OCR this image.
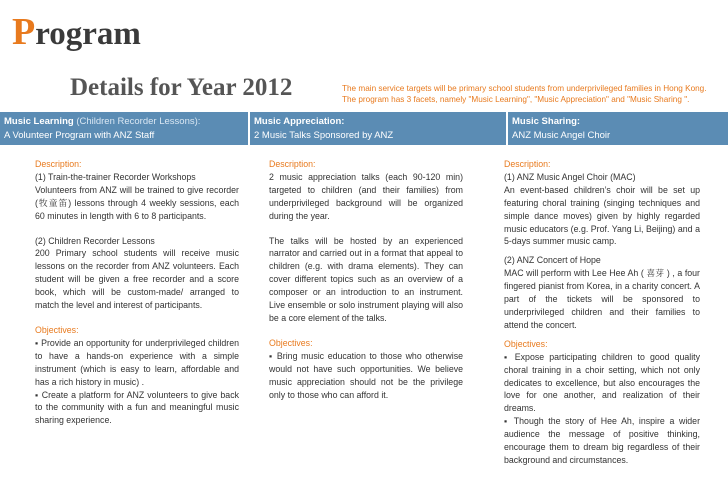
Program
Details for Year 2012	The main service targets will be primary school students from underprivileged families in Hong Kong. The program has 3 facets, namely "Music Learning", "Music Appreciation" and "Music Sharing ".
Music Learning (Children Recorder Lessons):
A Volunteer Program with ANZ Staff
Music Appreciation:
2 Music Talks Sponsored by ANZ
Music Sharing:
ANZ Music Angel Choir

Description:

(1) Train-the-trainer Recorder Workshops

Volunteers from ANZ will be trained to give recorder (牧童笛) lessons through 4 weekly sessions, each 60 minutes in length with 6 to 8 participants.

(2) Children Recorder Lessons

200 Primary school students will receive music lessons on the recorder from ANZ volunteers. Each student will be given a free recorder and a score book, which will be custom-made/ arranged to match the level and interest of participants.

Objectives:

▪ Provide an opportunity for underprivileged children to have a hands-on experience with a simple instrument (which is easy to learn, affordable and has a rich history in music) .

▪ Create a platform for ANZ volunteers to give back to the community with a fun and meaningful music sharing experience.

Description:

2 music appreciation talks (each 90-120 min) targeted to children (and their families) from underprivileged background will be organized during the year.

The talks will be hosted by an experienced narrator and carried out in a format that appeal to children (e.g. with drama elements). They can cover different topics such as an overview of a composer or an introduction to an instrument. Live ensemble or solo instrument playing will also be a core element of the talks.

Objectives:

▪ Bring music education to those who otherwise would not have such opportunities. We believe music appreciation should not be the privilege only to those who can afford it.

Description:

(1) ANZ Music Angel Choir (MAC)

An event-based children’s choir will be set up featuring choral training (singing techniques and simple dance moves) given by highly regarded music educators (e.g. Prof. Yang Li, Beijing) and a 5-days summer music camp.

(2) ANZ Concert of Hope

MAC will perform with Lee Hee Ah ( 喜芽 ) , a four fingered pianist from Korea, in a charity concert. A part of the tickets will be sponsored to underprivileged children and their families to attend the concert.

Objectives:

▪ Expose participating children to good quality choral training in a choir setting, which not only dedicates to excellence, but also encourages the love for one another, and realization of their dreams.

▪ Though the story of Hee Ah, inspire a wider audience the message of positive thinking, encourage them to dream big regardless of their background and circumstances.
